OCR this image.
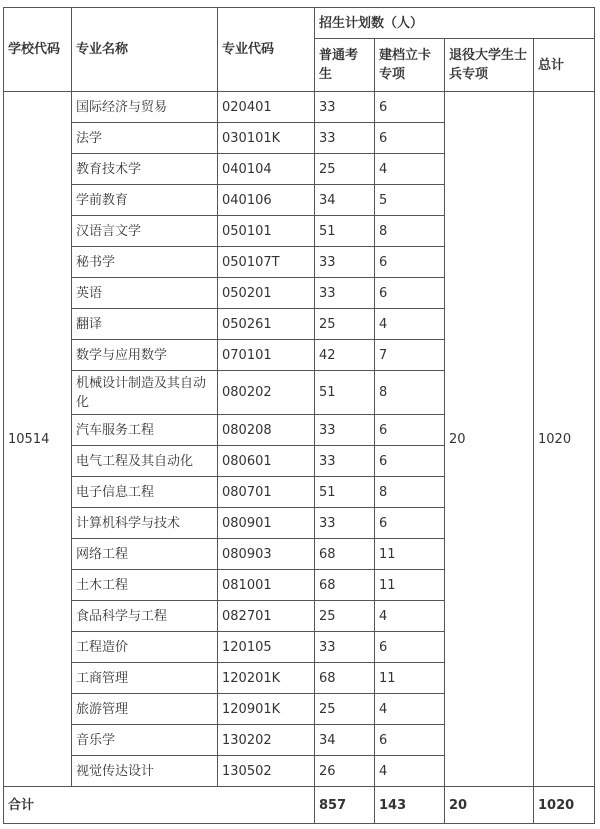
学校代码	专业名称	专业代码	招生计划数（人）			
			普通考生	建档立卡专项	退役大学生士兵专项	总计
10514	国际经济与贸易	020401	33	6	20	1020
	法学	030101K	33	6		
	教育技术学	040104	25	4		
	学前教育	040106	34	5		
	汉语言文学	050101	51	8		
	秘书学	050107T	33	6		
	英语	050201	33	6		
	翻译	050261	25	4		
	数学与应用数学	070101	42	7		
	机械设计制造及其自动化	080202	51	8		
	汽车服务工程	080208	33	6		
	电气工程及其自动化	080601	33	6		
	电子信息工程	080701	51	8		
	计算机科学与技术	080901	33	6		
	网络工程	080903	68	11		
	土木工程	081001	68	11		
	食品科学与工程	082701	25	4		
	工程造价	120105	33	6		
	工商管理	120201K	68	11		
	旅游管理	120901K	25	4		
	音乐学	130202	34	6		
	视觉传达设计	130502	26	4		
合计			857	143	20	1020
